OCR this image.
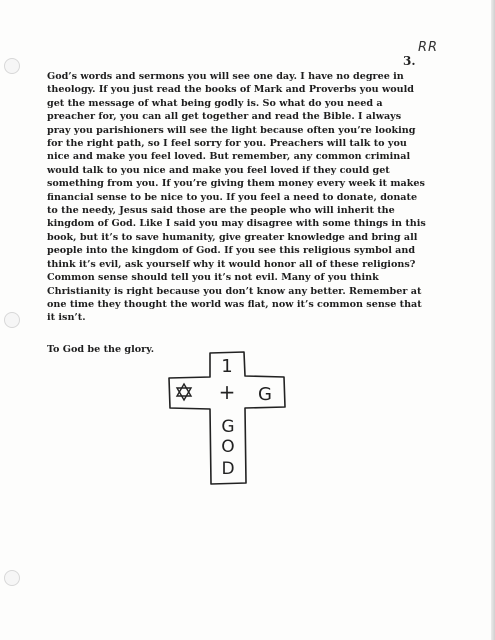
RR
3.
God’s words and sermons you will see one day. I have no degree in
theology. If you just read the books of Mark and Proverbs you would
get the message of what being godly is. So what do you need a
preacher for, you can all get together and read the Bible. I always
pray you parishioners will see the light because often you’re looking
for the right path, so I feel sorry for you. Preachers will talk to you
nice and make you feel loved. But remember, any common criminal
would talk to you nice and make you feel loved if they could get
something from you. If you’re giving them money every week it makes
financial sense to be nice to you. If you feel a need to donate, donate
to the needy, Jesus said those are the people who will inherit the
kingdom of God. Like I said you may disagree with some things in this
book, but it’s to save humanity, give greater knowledge and bring all
people into the kingdom of God. If you see this religious symbol and
think it’s evil, ask yourself why it would honor all of these religions?
Common sense should tell you it’s not evil. Many of you think
Christianity is right because you don’t know any better. Remember at
one time they thought the world was flat, now it’s common sense that
it isn’t.
To God be the glory.
1
+ G
G
O
D
